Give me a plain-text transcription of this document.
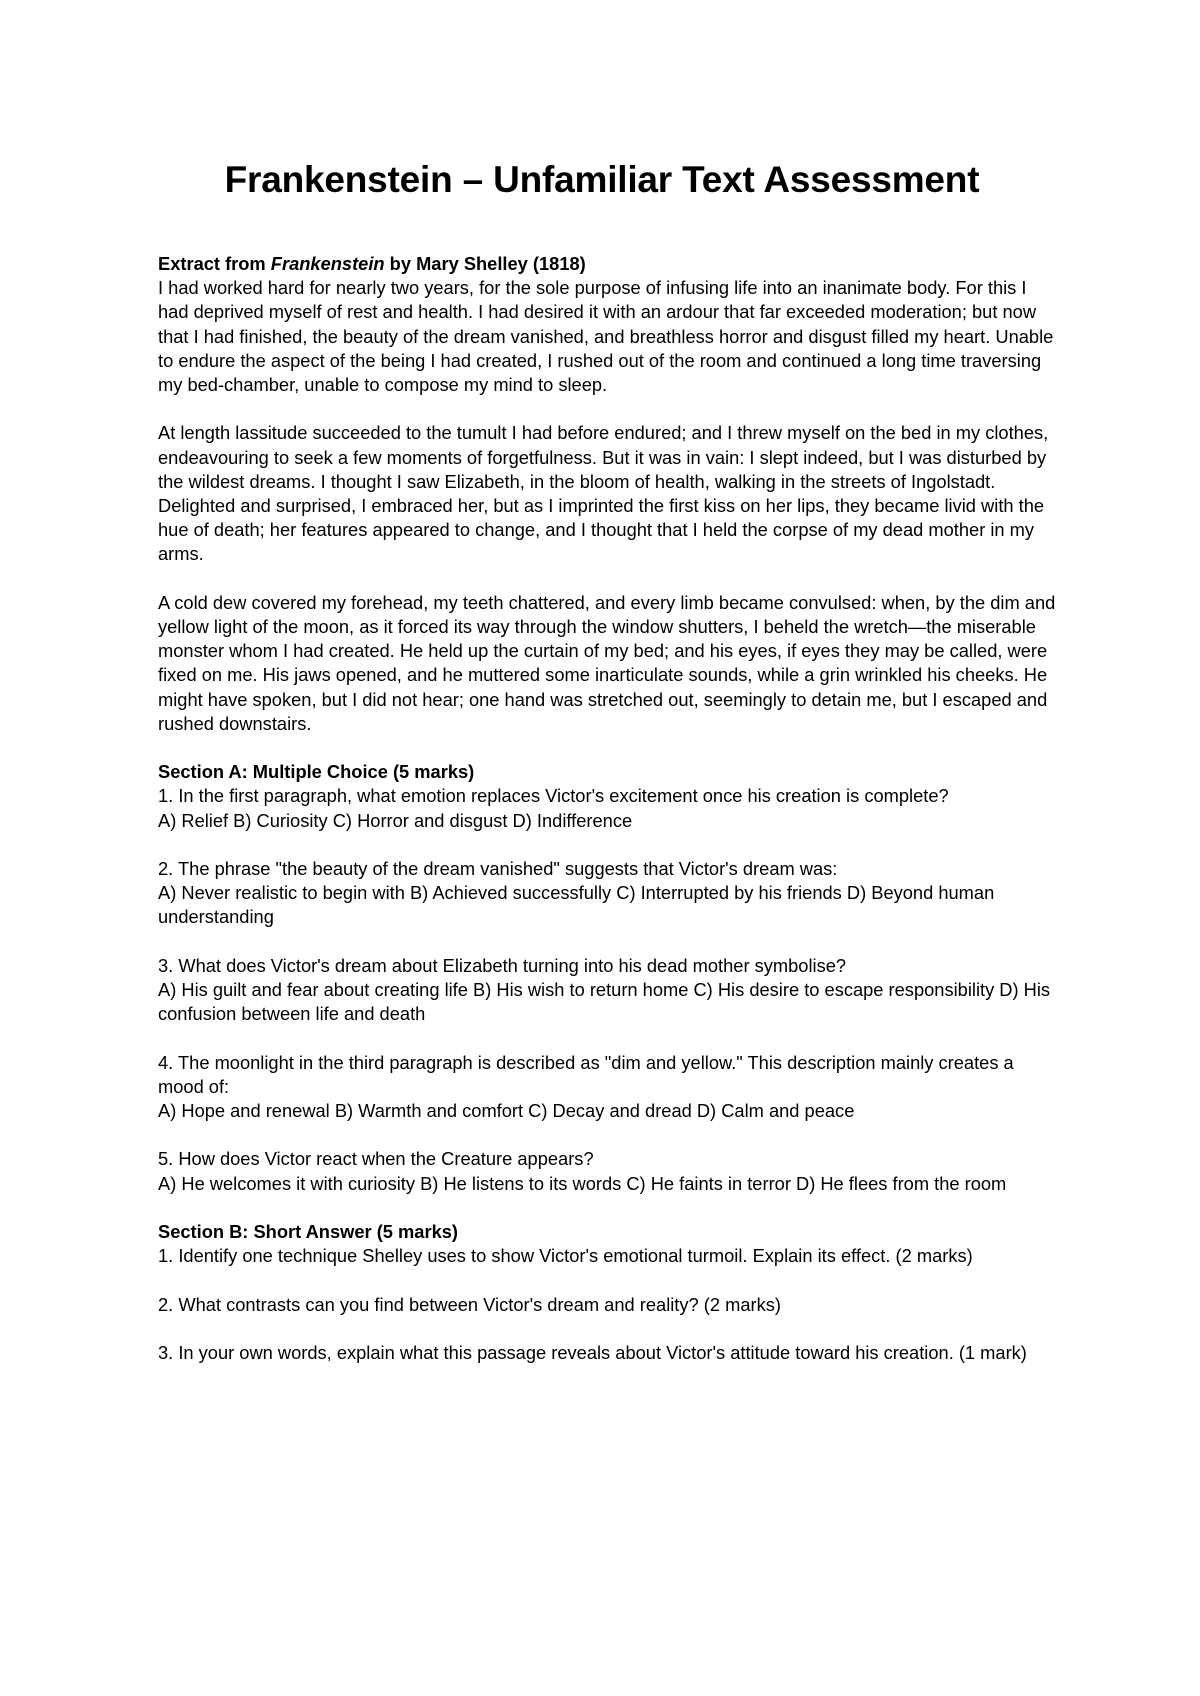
Frankenstein – Unfamiliar Text Assessment

Extract from Frankenstein by Mary Shelley (1818)

I had worked hard for nearly two years, for the sole purpose of infusing life into an inanimate body. For this I had deprived myself of rest and health. I had desired it with an ardour that far exceeded moderation; but now that I had finished, the beauty of the dream vanished, and breathless horror and disgust filled my heart. Unable to endure the aspect of the being I had created, I rushed out of the room and continued a long time traversing my bed-chamber, unable to compose my mind to sleep.

At length lassitude succeeded to the tumult I had before endured; and I threw myself on the bed in my clothes, endeavouring to seek a few moments of forgetfulness. But it was in vain: I slept indeed, but I was disturbed by the wildest dreams. I thought I saw Elizabeth, in the bloom of health, walking in the streets of Ingolstadt. Delighted and surprised, I embraced her, but as I imprinted the first kiss on her lips, they became livid with the hue of death; her features appeared to change, and I thought that I held the corpse of my dead mother in my arms.

A cold dew covered my forehead, my teeth chattered, and every limb became convulsed: when, by the dim and yellow light of the moon, as it forced its way through the window shutters, I beheld the wretch—the miserable monster whom I had created. He held up the curtain of my bed; and his eyes, if eyes they may be called, were fixed on me. His jaws opened, and he muttered some inarticulate sounds, while a grin wrinkled his cheeks. He might have spoken, but I did not hear; one hand was stretched out, seemingly to detain me, but I escaped and rushed downstairs.

Section A: Multiple Choice (5 marks)

1. In the first paragraph, what emotion replaces Victor's excitement once his creation is complete?

A) Relief B) Curiosity C) Horror and disgust D) Indifference

2. The phrase "the beauty of the dream vanished" suggests that Victor's dream was:

A) Never realistic to begin with B) Achieved successfully C) Interrupted by his friends D) Beyond human understanding

3. What does Victor's dream about Elizabeth turning into his dead mother symbolise?

A) His guilt and fear about creating life B) His wish to return home C) His desire to escape responsibility D) His confusion between life and death

4. The moonlight in the third paragraph is described as "dim and yellow." This description mainly creates a mood of:

A) Hope and renewal B) Warmth and comfort C) Decay and dread D) Calm and peace

5. How does Victor react when the Creature appears?

A) He welcomes it with curiosity B) He listens to its words C) He faints in terror D) He flees from the room

Section B: Short Answer (5 marks)

1. Identify one technique Shelley uses to show Victor's emotional turmoil. Explain its effect. (2 marks)

2. What contrasts can you find between Victor's dream and reality? (2 marks)

3. In your own words, explain what this passage reveals about Victor's attitude toward his creation. (1 mark)
